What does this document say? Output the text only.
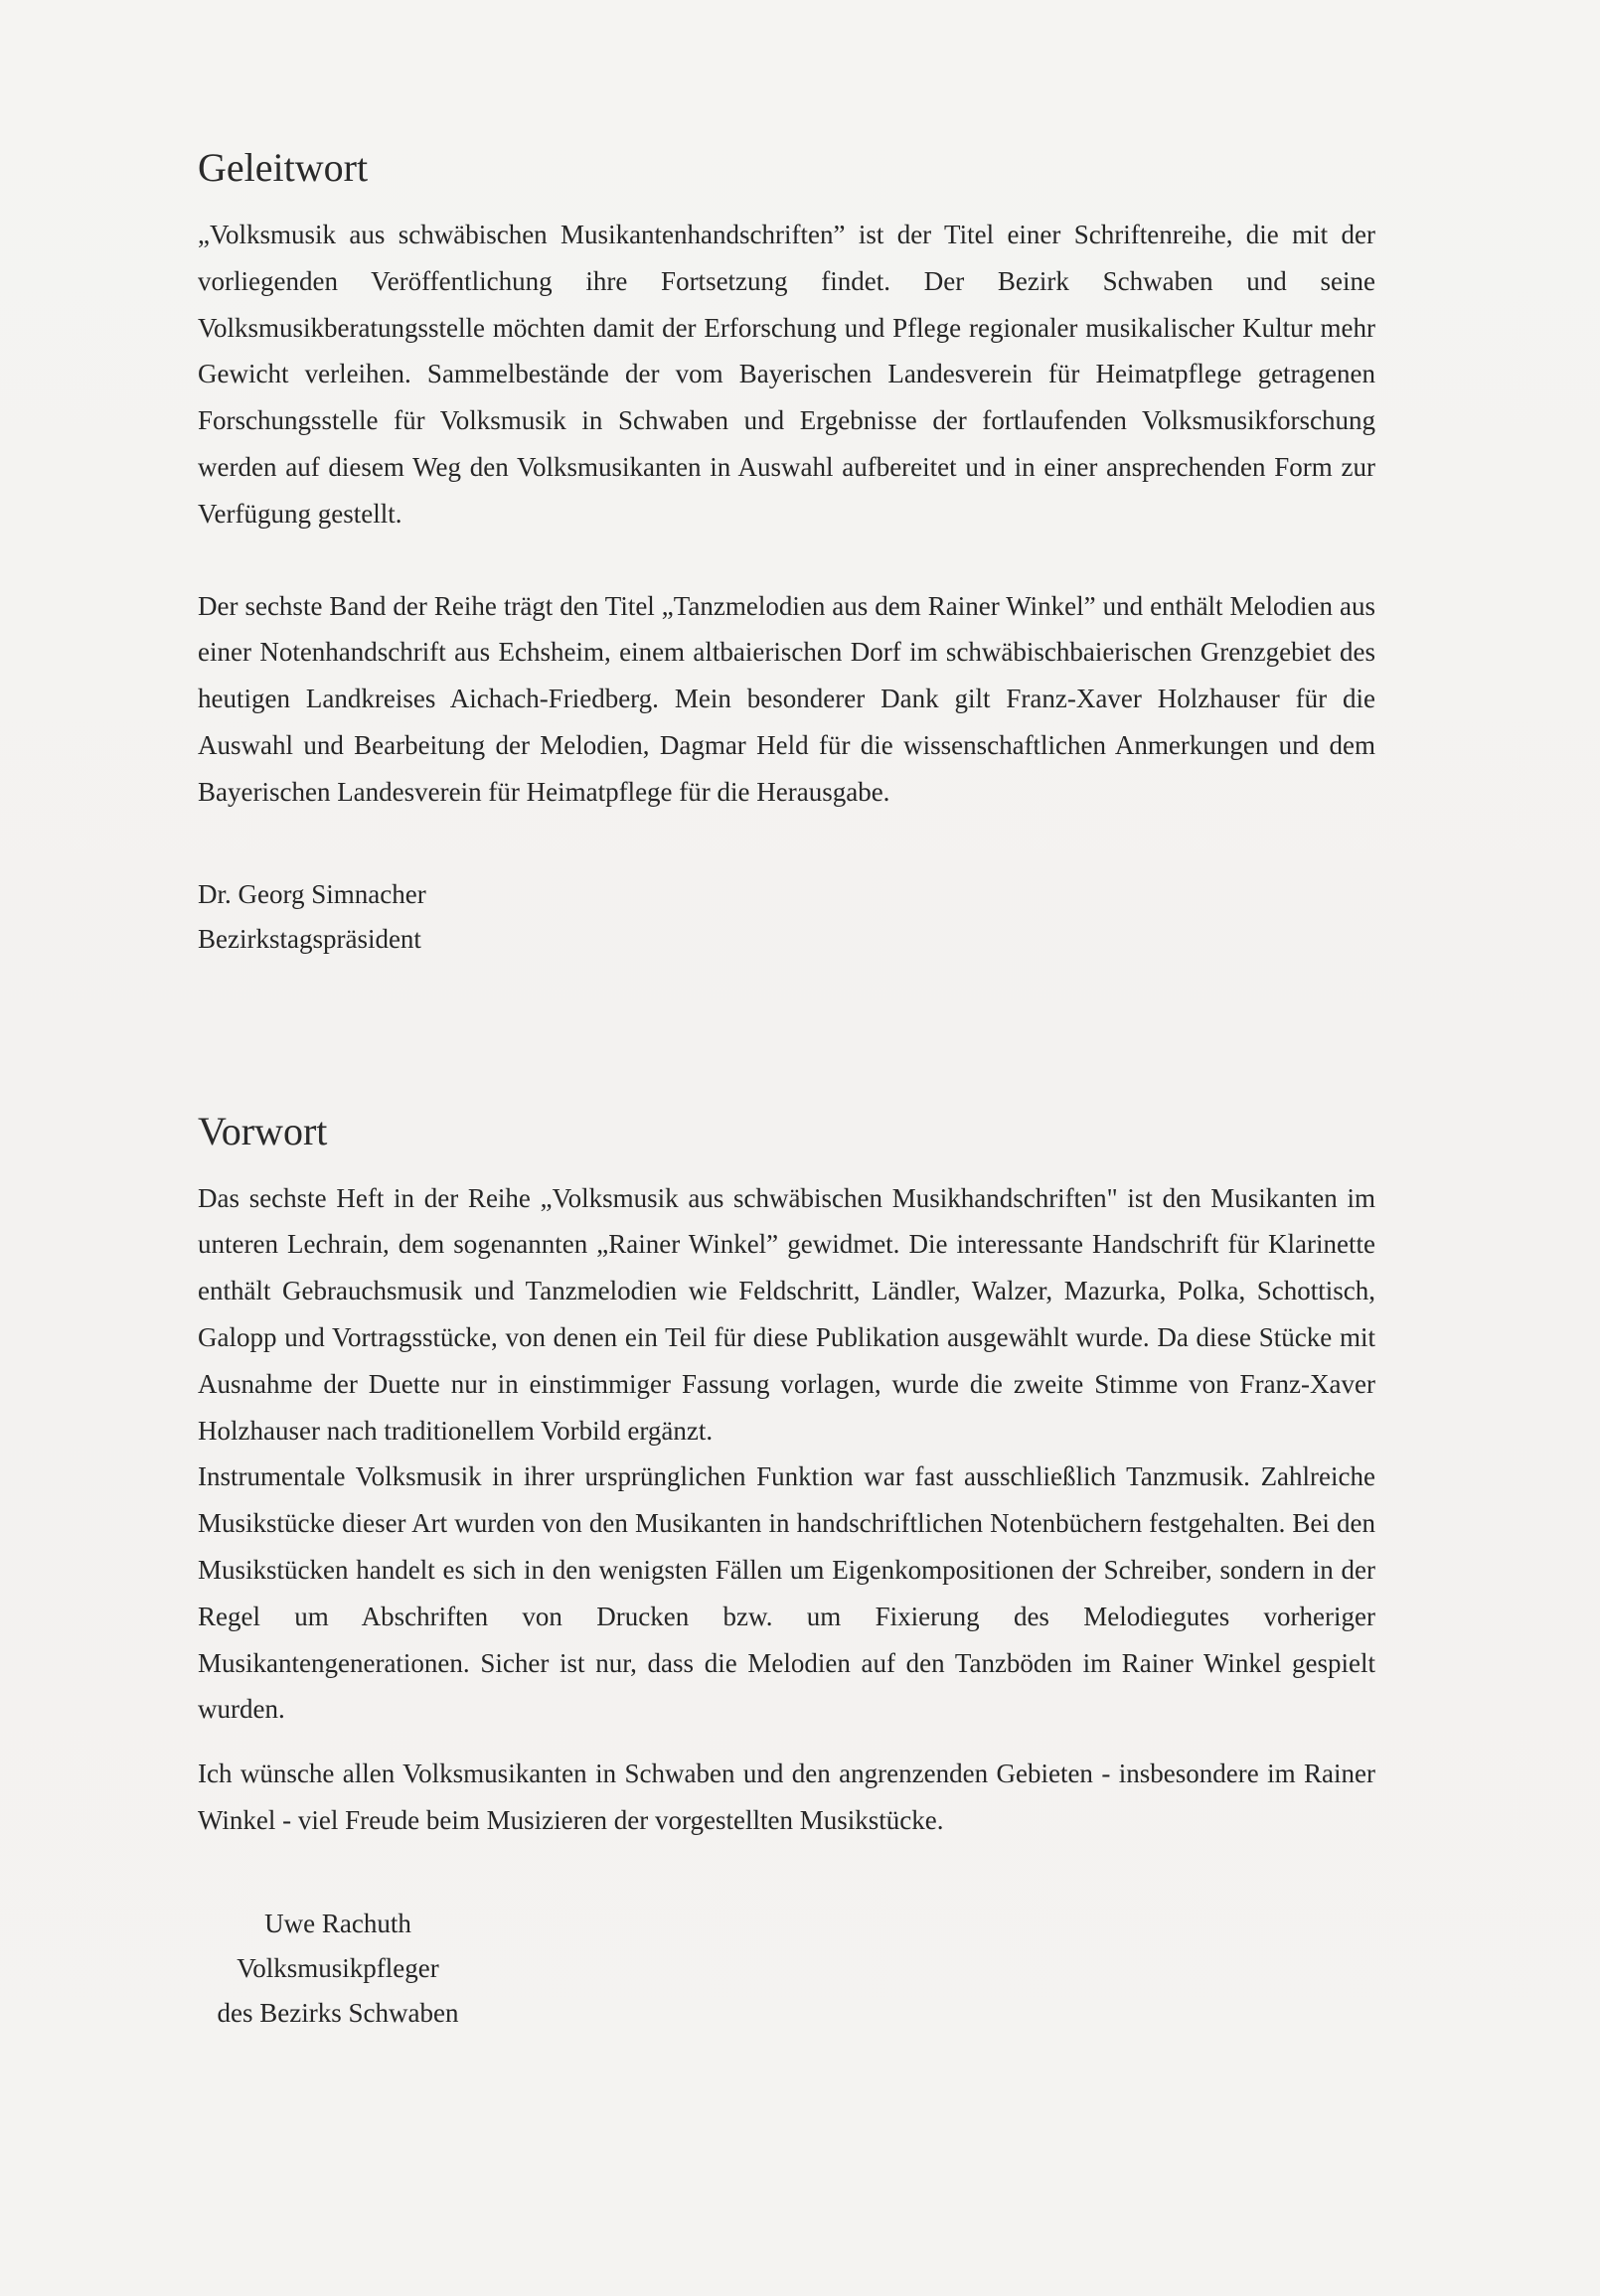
Geleitwort

„Volksmusik aus schwäbischen Musikantenhandschriften” ist der Titel einer Schriftenreihe, die mit der vorliegenden Veröffentlichung ihre Fortsetzung findet. Der Bezirk Schwaben und seine Volksmusikberatungsstelle möchten damit der Erforschung und Pflege regionaler musikalischer Kultur mehr Gewicht verleihen. Sammelbestände der vom Bayerischen Landesverein für Heimatpflege getragenen Forschungsstelle für Volksmusik in Schwaben und Ergebnisse der fortlaufenden Volksmusikforschung werden auf diesem Weg den Volksmusikanten in Auswahl aufbereitet und in einer ansprechenden Form zur Verfügung gestellt.

Der sechste Band der Reihe trägt den Titel „Tanzmelodien aus dem Rainer Winkel” und enthält Melodien aus einer Notenhandschrift aus Echsheim, einem altbaierischen Dorf im schwäbischbaierischen Grenzgebiet des heutigen Landkreises Aichach-Friedberg. Mein besonderer Dank gilt Franz-Xaver Holzhauser für die Auswahl und Bearbeitung der Melodien, Dagmar Held für die wissenschaftlichen Anmerkungen und dem Bayerischen Landesverein für Heimatpflege für die Herausgabe.

Dr. Georg Simnacher
Bezirkstagspräsident
Vorwort

Das sechste Heft in der Reihe „Volksmusik aus schwäbischen Musikhandschriften" ist den Musikanten im unteren Lechrain, dem sogenannten „Rainer Winkel” gewidmet. Die interessante Handschrift für Klarinette enthält Gebrauchsmusik und Tanzmelodien wie Feldschritt, Ländler, Walzer, Mazurka, Polka, Schottisch, Galopp und Vortragsstücke, von denen ein Teil für diese Publikation ausgewählt wurde. Da diese Stücke mit Ausnahme der Duette nur in einstimmiger Fassung vorlagen, wurde die zweite Stimme von Franz-Xaver Holzhauser nach traditionellem Vorbild ergänzt.

Instrumentale Volksmusik in ihrer ursprünglichen Funktion war fast ausschließlich Tanzmusik. Zahlreiche Musikstücke dieser Art wurden von den Musikanten in handschriftlichen Notenbüchern festgehalten. Bei den Musikstücken handelt es sich in den wenigsten Fällen um Eigenkompositionen der Schreiber, sondern in der Regel um Abschriften von Drucken bzw. um Fixierung des Melodiegutes vorheriger Musikantengenerationen. Sicher ist nur, dass die Melodien auf den Tanzböden im Rainer Winkel gespielt wurden.

Ich wünsche allen Volksmusikanten in Schwaben und den angrenzenden Gebieten - insbesondere im Rainer Winkel - viel Freude beim Musizieren der vorgestellten Musikstücke.

Uwe Rachuth
Volksmusikpfleger
des Bezirks Schwaben
